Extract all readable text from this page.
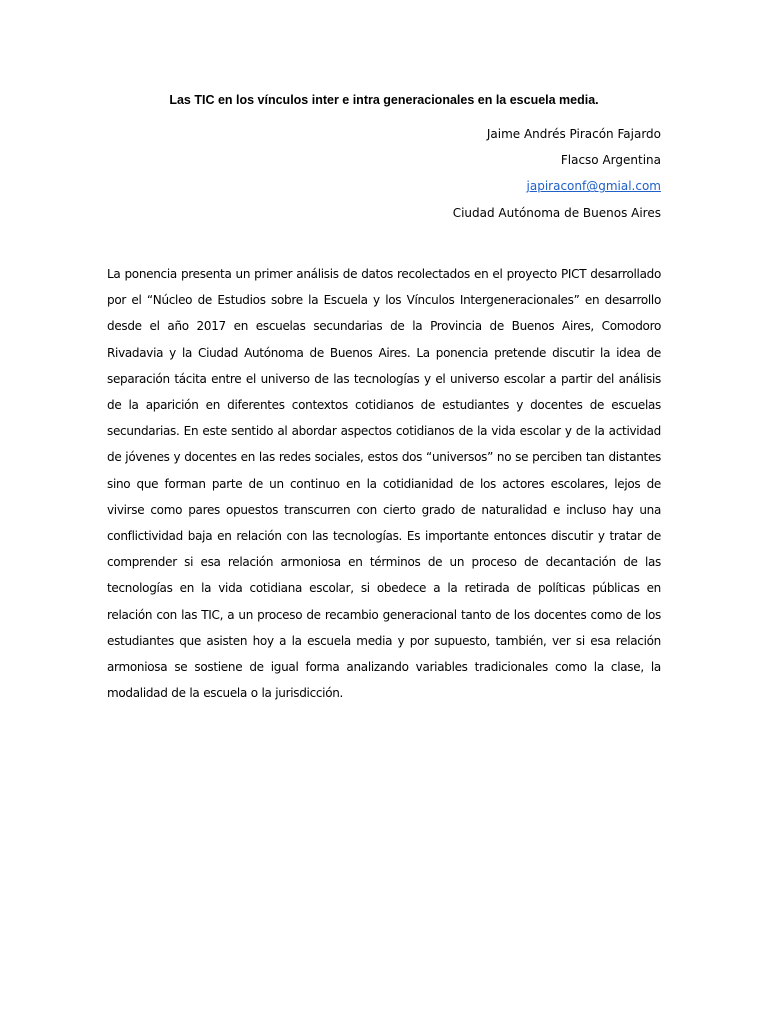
Las TIC en los vínculos inter e intra generacionales en la escuela media.
Jaime Andrés Piracón Fajardo
Flacso Argentina
japiraconf@gmial.com
Ciudad Autónoma de Buenos Aires

La ponencia presenta un primer análisis de datos recolectados en el proyecto PICT desarrollado por el “Núcleo de Estudios sobre la Escuela y los Vínculos Intergeneracionales” en desarrollo desde el año 2017 en escuelas secundarias de la Provincia de Buenos Aires, Comodoro Rivadavia y la Ciudad Autónoma de Buenos Aires. La ponencia pretende discutir la idea de separación tácita entre el universo de las tecnologías y el universo escolar a partir del análisis de la aparición en diferentes contextos cotidianos de estudiantes y docentes de escuelas secundarias. En este sentido al abordar aspectos cotidianos de la vida escolar y de la actividad de jóvenes y docentes en las redes sociales, estos dos “universos” no se perciben tan distantes sino que forman parte de un continuo en la cotidianidad de los actores escolares, lejos de vivirse como pares opuestos transcurren con cierto grado de naturalidad e incluso hay una conflictividad baja en relación con las tecnologías. Es importante entonces discutir y tratar de comprender si esa relación armoniosa en términos de un proceso de decantación de las tecnologías en la vida cotidiana escolar, si obedece a la retirada de políticas públicas en relación con las TIC, a un proceso de recambio generacional tanto de los docentes como de los estudiantes que asisten hoy a la escuela media y por supuesto, también, ver si esa relación armoniosa se sostiene de igual forma analizando variables tradicionales como la clase, la modalidad de la escuela o la jurisdicción.
